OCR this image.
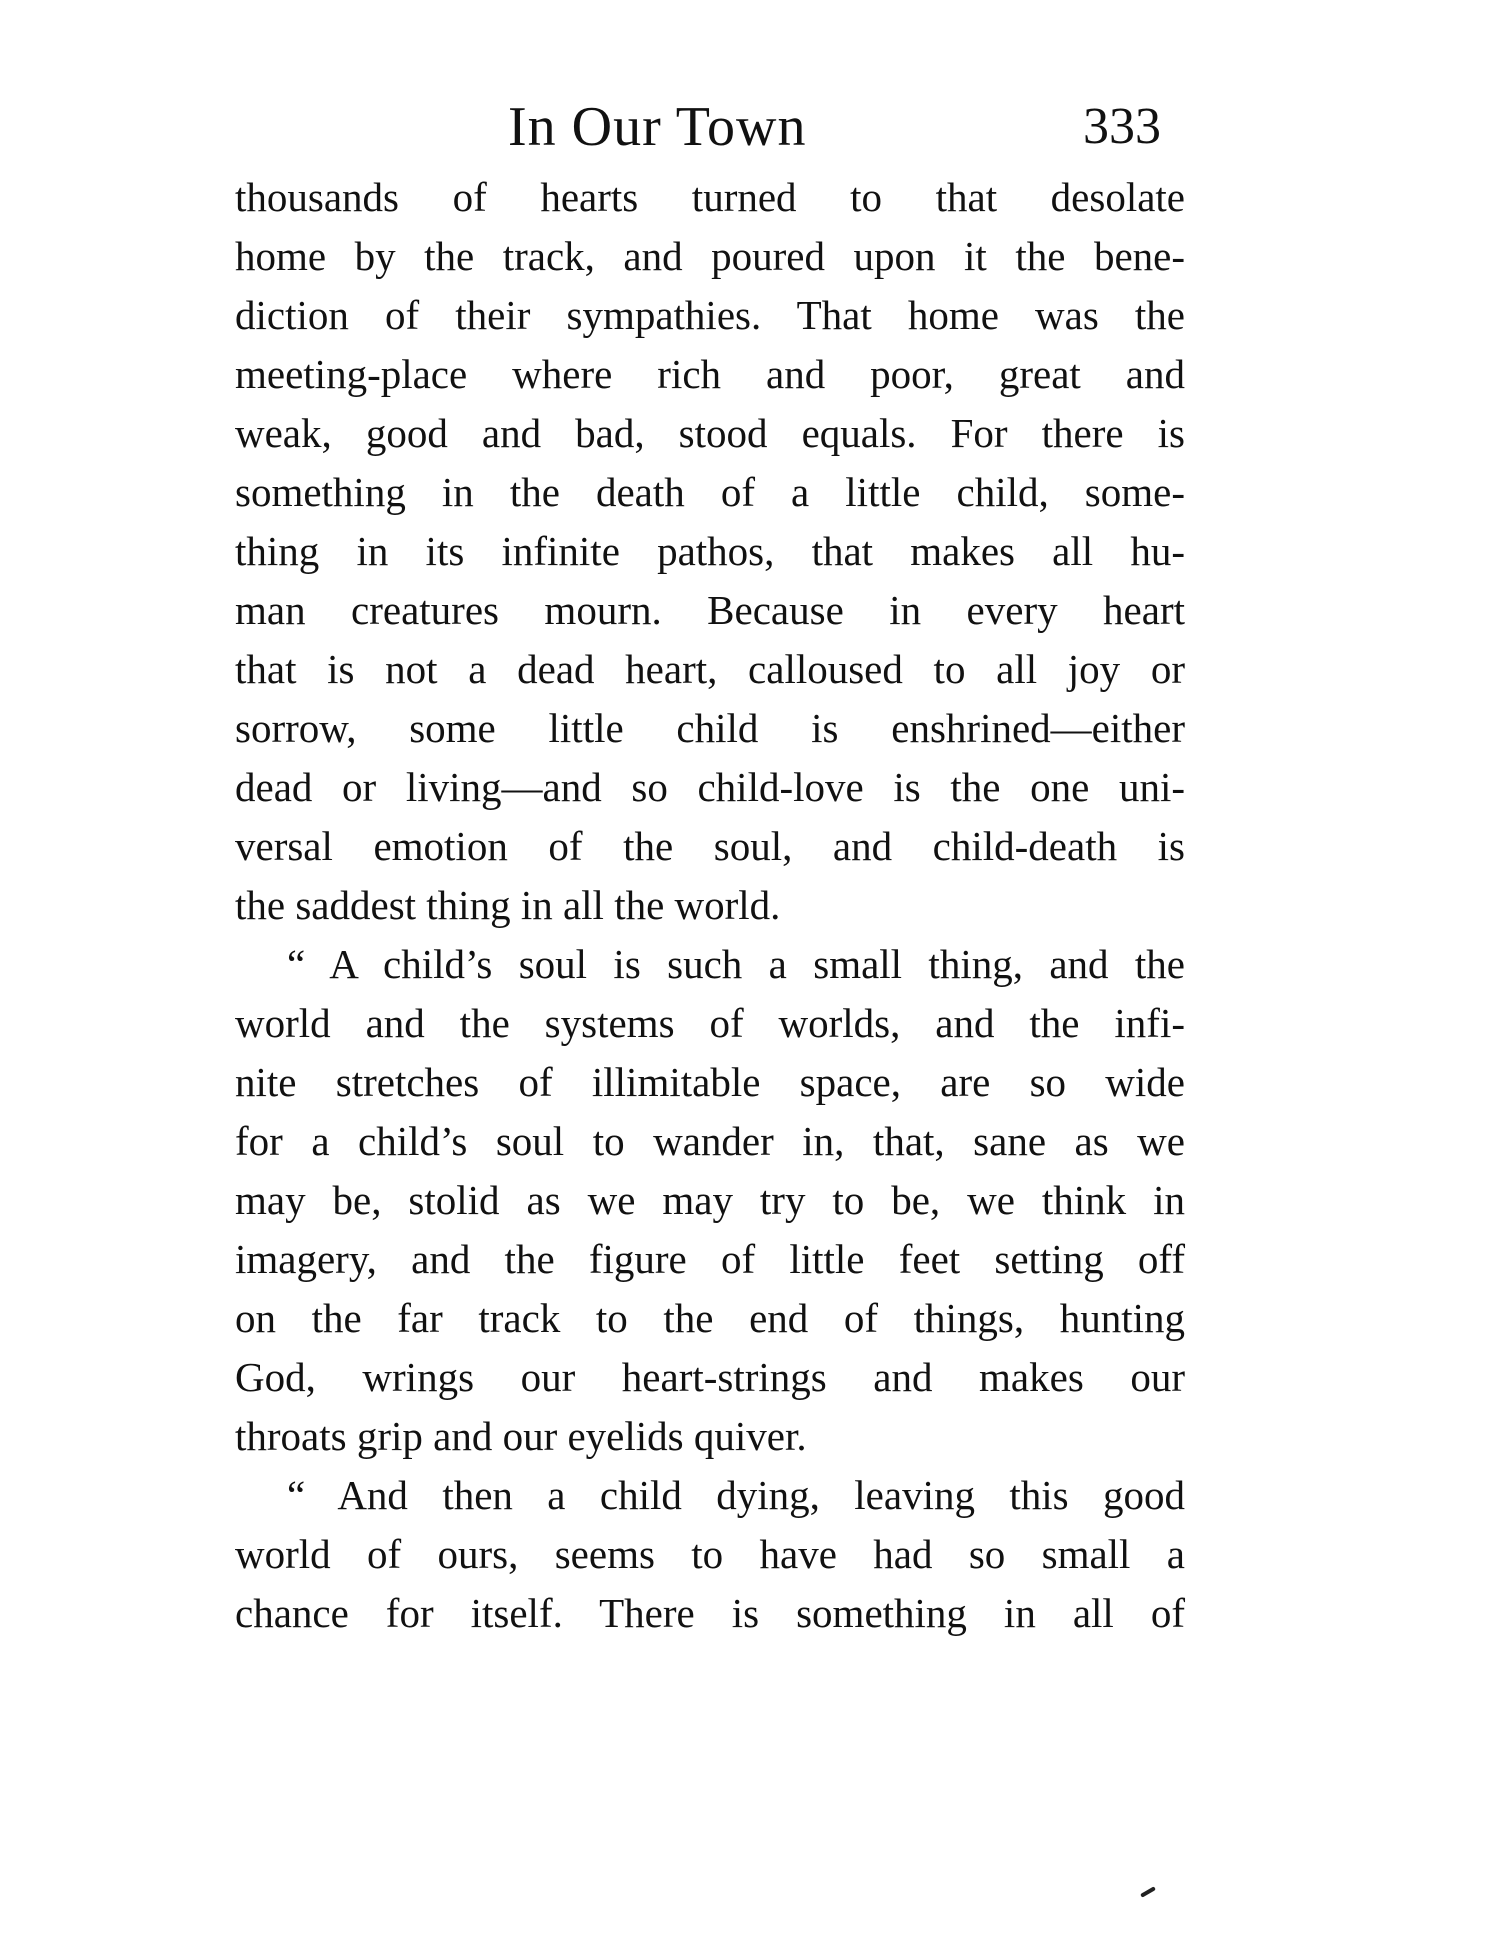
In Our Town	333
thousands of hearts turned to that desolate
home by the track, and poured upon it the bene-
diction of their sympathies. That home was the
meeting-place where rich and poor, great and
weak, good and bad, stood equals. For there is
something in the death of a little child, some-
thing in its infinite pathos, that makes all hu-
man creatures mourn. Because in every heart
that is not a dead heart, calloused to all joy or
sorrow, some little child is enshrined—either
dead or living—and so child-love is the one uni-
versal emotion of the soul, and child-death is
the saddest thing in all the world.
“ A child’s soul is such a small thing, and the
world and the systems of worlds, and the infi-
nite stretches of illimitable space, are so wide
for a child’s soul to wander in, that, sane as we
may be, stolid as we may try to be, we think in
imagery, and the figure of little feet setting off
on the far track to the end of things, hunting
God, wrings our heart-strings and makes our
throats grip and our eyelids quiver.
“ And then a child dying, leaving this good
world of ours, seems to have had so small a
chance for itself. There is something in all of
